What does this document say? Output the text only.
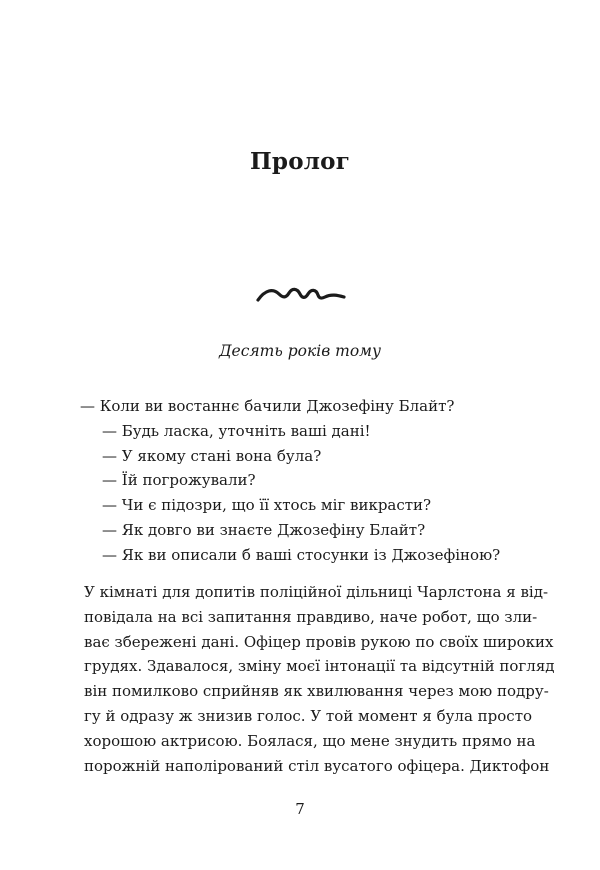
Пролог
Десять років тому
— Коли ви востаннє бачили Джозефіну Блайт?
— Будь ласка, уточніть ваші дані!
— У якому стані вона була?
— Їй погрожували?
— Чи є підозри, що її хтось міг викрасти?
— Як довго ви знаєте Джозефіну Блайт?
— Як ви описали б ваші стосунки із Джозефіною?
У кімнаті для допитів поліційної дільниці Чарлстона я від-
повідала на всі запитання правдиво, наче робот, що зли-
ває збережені дані. Офіцер провів рукою по своїх широких
грудях. Здавалося, зміну моєї інтонації та відсутній погляд
він помилково сприйняв як хвилювання через мою подру-
гу й одразу ж знизив голос. У той момент я була просто
хорошою актрисою. Боялася, що мене знудить прямо на
порожній наполірований стіл вусатого офіцера. Диктофон
7
